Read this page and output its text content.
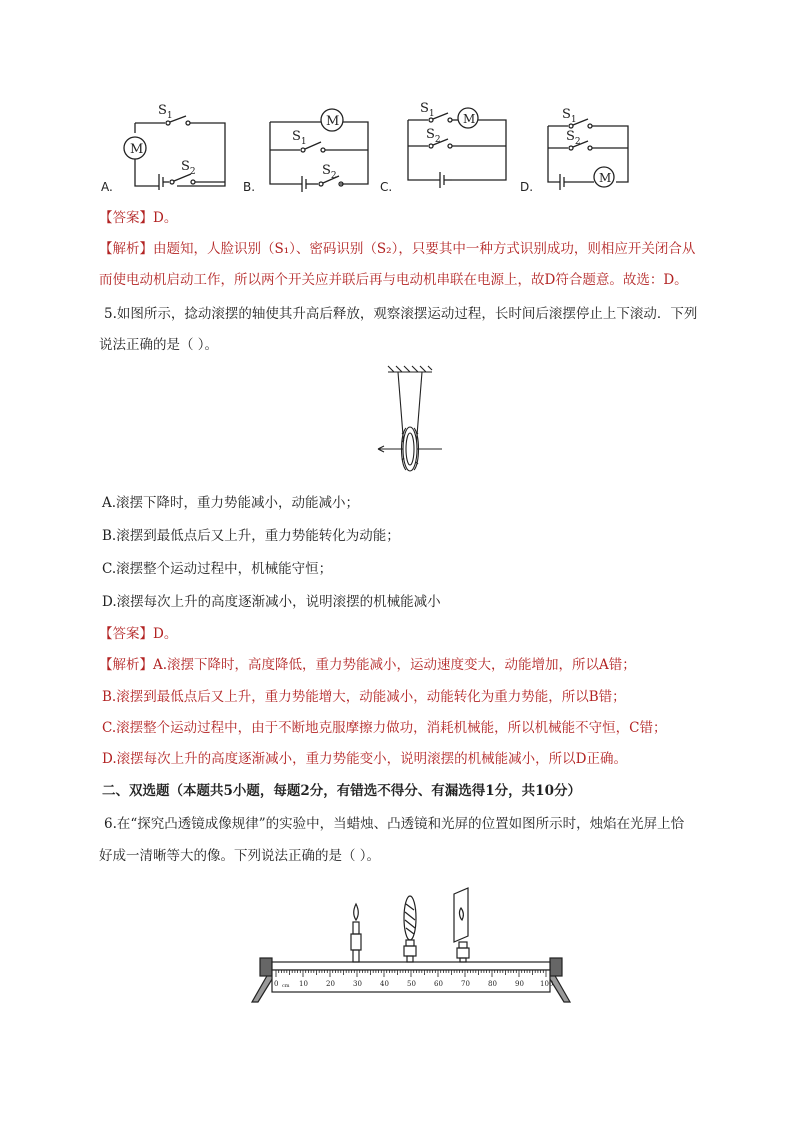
M
$S_1$
$S_2$
A.
M
$S_1$
$S_2$
B.
M
$S_1$
$S_2$
C.
M
$S_1$
$S_2$
D.
【答案】D。
【解析】由题知，人脸识别（S₁）、密码识别（S₂），只要其中一种方式识别成功，则相应开关闭合从
而使电动机启动工作，所以两个开关应并联后再与电动机串联在电源上，故D符合题意。故选：D。
5.如图所示，捻动滚摆的轴使其升高后释放，观察滚摆运动过程，长时间后滚摆停止上下滚动．下列
说法正确的是（ ）。
A.滚摆下降时，重力势能减小，动能减小；
B.滚摆到最低点后又上升，重力势能转化为动能；
C.滚摆整个运动过程中，机械能守恒；
D.滚摆每次上升的高度逐渐减小，说明滚摆的机械能减小
【答案】D。
【解析】A.滚摆下降时，高度降低，重力势能减小，运动速度变大，动能增加，所以A错；
B.滚摆到最低点后又上升，重力势能增大，动能减小，动能转化为重力势能，所以B错；
C.滚摆整个运动过程中，由于不断地克服摩擦力做功，消耗机械能，所以机械能不守恒，C错；
D.滚摆每次上升的高度逐渐减小，重力势能变小，说明滚摆的机械能减小，所以D正确。
二、双选题（本题共5小题，每题2分，有错选不得分、有漏选得1分，共10分）
6.在“探究凸透镜成像规律”的实验中，当蜡烛、凸透镜和光屏的位置如图所示时，烛焰在光屏上恰
好成一清晰等大的像。下列说法正确的是（ ）。
0	10	20	30	40	50	60	70	80	90 100
cm
